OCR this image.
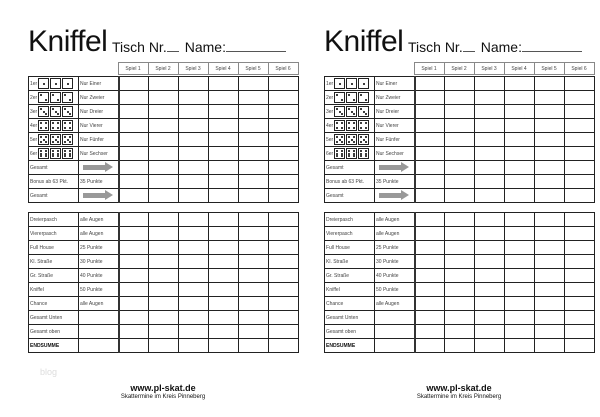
Kniffel Tisch Nr. Name:
		Spiel 1	Spiel 2	Spiel 3	Spiel 4	Spiel 5	Spiel 6
1er	Nur Einer						
2er	Nur Zweier						
3er	Nur Dreier						
4er	Nur Vierer						
5er	Nur Fünfer						
6er	Nur Sechser						
Gesamt							
Bonus ab 63 Pkt.	35 Punkte						
Gesamt							
Dreierpasch	alle Augen						
Viererpasch	alle Augen						
Full House	25 Punkte						
Kl. Straße	30 Punkte						
Gr. Straße	40 Punkte						
Kniffel	50 Punkte						
Chance	alle Augen						
Gesamt Unten							
Gesamt oben							
ENDSUMME							
www.pl-skat.de
Skattermine im Kreis Pinneberg
Kniffel Tisch Nr. Name:
		Spiel 1	Spiel 2	Spiel 3	Spiel 4	Spiel 5	Spiel 6
1er	Nur Einer						
2er	Nur Zweier						
3er	Nur Dreier						
4er	Nur Vierer						
5er	Nur Fünfer						
6er	Nur Sechser						
Gesamt							
Bonus ab 63 Pkt.	35 Punkte						
Gesamt							
Dreierpasch	alle Augen						
Viererpasch	alle Augen						
Full House	25 Punkte						
Kl. Straße	30 Punkte						
Gr. Straße	40 Punkte						
Kniffel	50 Punkte						
Chance	alle Augen						
Gesamt Unten							
Gesamt oben							
ENDSUMME							
www.pl-skat.de
Skattermine im Kreis Pinneberg
blog
